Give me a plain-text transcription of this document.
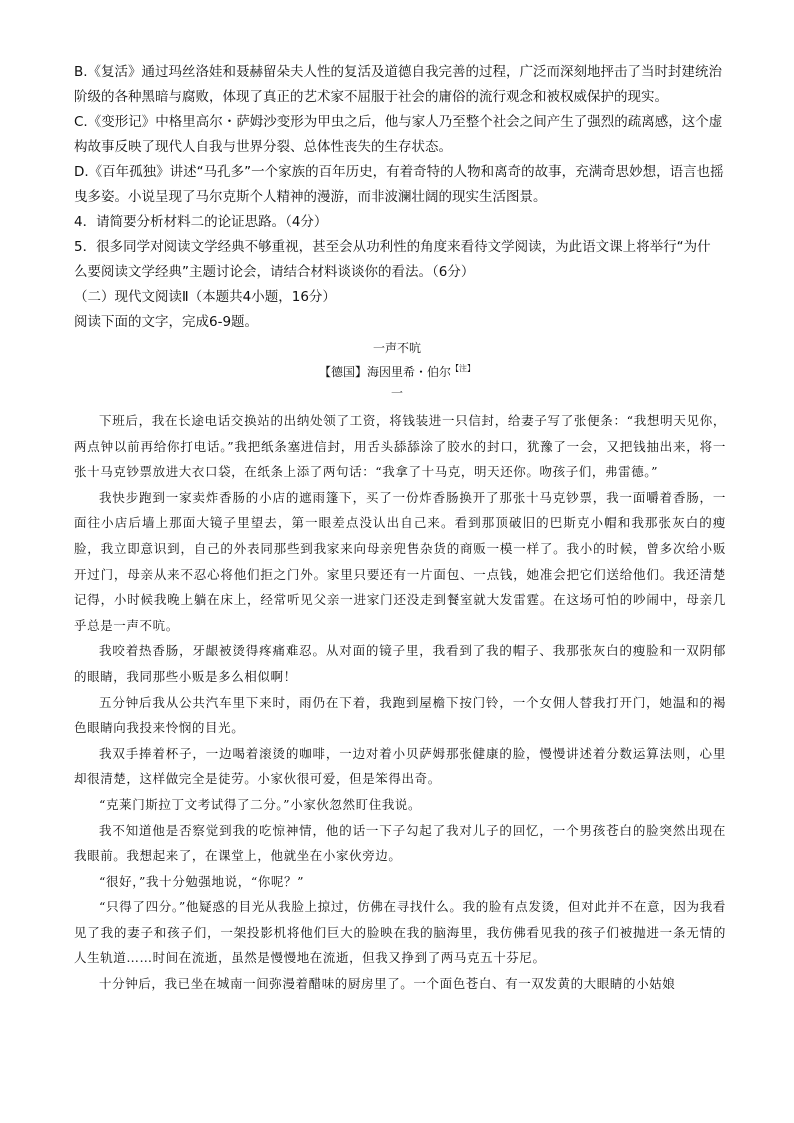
B.《复活》通过玛丝洛娃和聂赫留朵夫人性的复活及道德自我完善的过程，广泛而深刻地抨击了当时封建统治阶级的各种黑暗与腐败，体现了真正的艺术家不屈服于社会的庸俗的流行观念和被权威保护的现实。
C.《变形记》中格里高尔・萨姆沙变形为甲虫之后，他与家人乃至整个社会之间产生了强烈的疏离感，这个虚构故事反映了现代人自我与世界分裂、总体性丧失的生存状态。
D.《百年孤独》讲述“马孔多”一个家族的百年历史，有着奇特的人物和离奇的故事，充满奇思妙想，语言也摇曳多姿。小说呈现了马尔克斯个人精神的漫游，而非波澜壮阔的现实生活图景。
4．请简要分析材料二的论证思路。（4分）
5．很多同学对阅读文学经典不够重视，甚至会从功利性的角度来看待文学阅读，为此语文课上将举行“为什么要阅读文学经典”主题讨论会，请结合材料谈谈你的看法。（6分）
（二）现代文阅读Ⅱ（本题共4小题，16分）
阅读下面的文字，完成6-9题。
一声不吭
【德国】海因里希・伯尔$^{【注】}$
一

下班后，我在长途电话交换站的出纳处领了工资，将钱装进一只信封，给妻子写了张便条：“我想明天见你，两点钟以前再给你打电话。”我把纸条塞进信封，用舌头舔舔涂了胶水的封口，犹豫了一会，又把钱抽出来，将一张十马克钞票放进大衣口袋，在纸条上添了两句话：“我拿了十马克，明天还你。吻孩子们，弗雷德。”

我快步跑到一家卖炸香肠的小店的遮雨篷下，买了一份炸香肠换开了那张十马克钞票，我一面嚼着香肠，一面往小店后墙上那面大镜子里望去，第一眼差点没认出自己来。看到那顶破旧的巴斯克小帽和我那张灰白的瘦脸，我立即意识到，自己的外表同那些到我家来向母亲兜售杂货的商贩一模一样了。我小的时候，曾多次给小贩开过门，母亲从来不忍心将他们拒之门外。家里只要还有一片面包、一点钱，她准会把它们送给他们。我还清楚记得，小时候我晚上躺在床上，经常听见父亲一进家门还没走到餐室就大发雷霆。在这场可怕的吵闹中，母亲几乎总是一声不吭。

我咬着热香肠，牙龈被烫得疼痛难忍。从对面的镜子里，我看到了我的帽子、我那张灰白的瘦脸和一双阴郁的眼睛，我同那些小贩是多么相似啊！

五分钟后我从公共汽车里下来时，雨仍在下着，我跑到屋檐下按门铃，一个女佣人替我打开门，她温和的褐色眼睛向我投来怜悯的目光。

我双手捧着杯子，一边喝着滚烫的咖啡，一边对着小贝萨姆那张健康的脸，慢慢讲述着分数运算法则，心里却很清楚，这样做完全是徒劳。小家伙很可爱，但是笨得出奇。

“克莱门斯拉丁文考试得了二分。”小家伙忽然盯住我说。

我不知道他是否察觉到我的吃惊神情，他的话一下子勾起了我对儿子的回忆，一个男孩苍白的脸突然出现在我眼前。我想起来了，在课堂上，他就坐在小家伙旁边。

“很好，”我十分勉强地说，“你呢？”

“只得了四分。”他疑惑的目光从我脸上掠过，仿佛在寻找什么。我的脸有点发烫，但对此并不在意，因为我看见了我的妻子和孩子们，一架投影机将他们巨大的脸映在我的脑海里，我仿佛看见我的孩子们被抛进一条无情的人生轨道……时间在流逝，虽然是慢慢地在流逝，但我又挣到了两马克五十芬尼。

十分钟后，我已坐在城南一间弥漫着醋味的厨房里了。一个面色苍白、有一双发黄的大眼睛的小姑娘
